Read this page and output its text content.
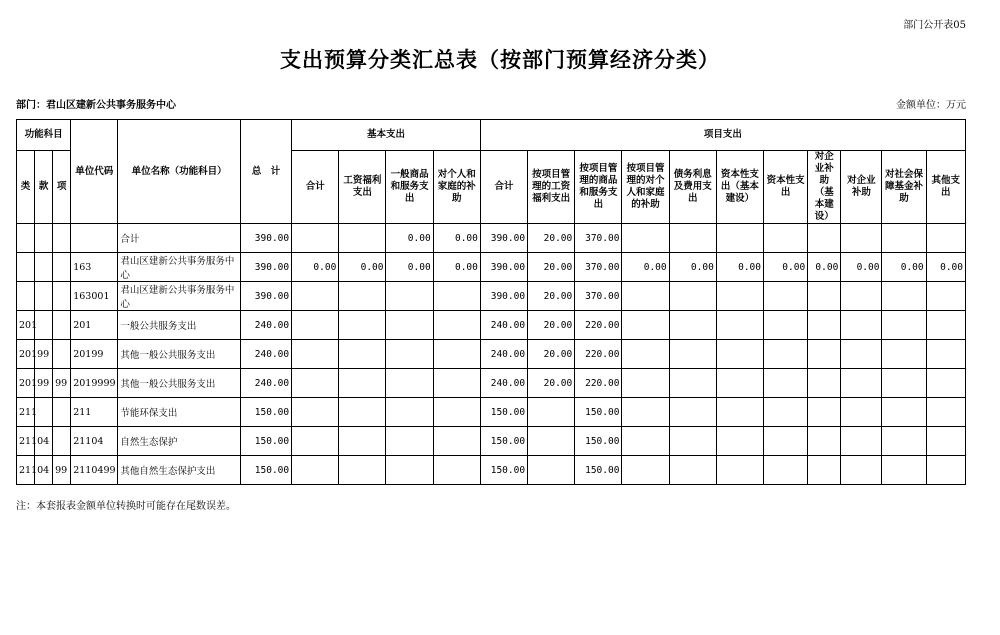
部门公开表05
支出预算分类汇总表（按部门预算经济分类）
部门：君山区建新公共事务服务中心	金额单位：万元
功能科目			单位代码	单位名称（功能科目）	总　计	基本支出				项目支出										
类	款	项				合计	工资福利支出	一般商品和服务支出	对个人和家庭的补助	合计	按项目管理的工资福利支出	按项目管理的商品和服务支出	按项目管理的对个人和家庭的补助	债务利息及费用支出	资本性支出（基本建设）	资本性支出	对企业补助（基本建设）	对企业补助	对社会保障基金补助	其他支出

				合计	390.00			0.00	0.00	390.00	20.00	370.00								
			163	君山区建新公共事务服务中心	390.00	0.00	0.00	0.00	0.00	390.00	20.00	370.00	0.00	0.00	0.00	0.00	0.00	0.00	0.00	0.00
			163001	君山区建新公共事务服务中心	390.00					390.00	20.00	370.00								
201			201	一般公共服务支出	240.00					240.00	20.00	220.00								
201	99		20199	其他一般公共服务支出	240.00					240.00	20.00	220.00								
201	99	99	2019999	其他一般公共服务支出	240.00					240.00	20.00	220.00								
211			211	节能环保支出	150.00					150.00		150.00								
211	04		21104	自然生态保护	150.00					150.00		150.00								
211	04	99	2110499	其他自然生态保护支出	150.00					150.00		150.00								
注：本套报表金额单位转换时可能存在尾数误差。
